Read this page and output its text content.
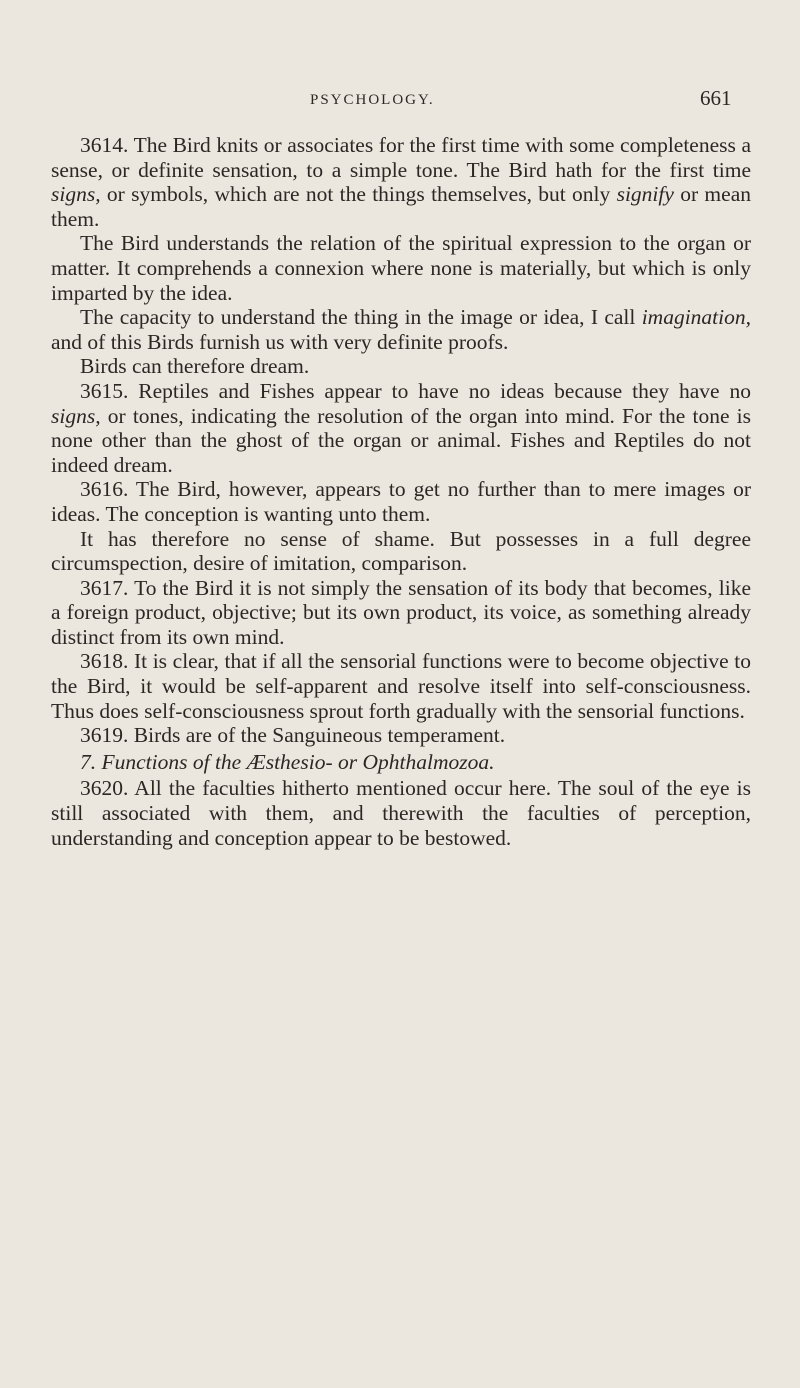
PSYCHOLOGY.	661

3614. The Bird knits or associates for the first time with some completeness a sense, or definite sensation, to a simple tone. The Bird hath for the first time signs, or symbols, which are not the things themselves, but only signify or mean them.

The Bird understands the relation of the spiritual expression to the organ or matter. It comprehends a connexion where none is materially, but which is only imparted by the idea.

The capacity to understand the thing in the image or idea, I call imagination, and of this Birds furnish us with very definite proofs.

Birds can therefore dream.

3615. Reptiles and Fishes appear to have no ideas because they have no signs, or tones, indicating the resolution of the organ into mind. For the tone is none other than the ghost of the organ or animal. Fishes and Reptiles do not indeed dream.

3616. The Bird, however, appears to get no further than to mere images or ideas. The conception is wanting unto them.

It has therefore no sense of shame. But possesses in a full degree circumspection, desire of imitation, comparison.

3617. To the Bird it is not simply the sensation of its body that becomes, like a foreign product, objective; but its own product, its voice, as something already distinct from its own mind.

3618. It is clear, that if all the sensorial functions were to become objective to the Bird, it would be self-apparent and resolve itself into self-consciousness. Thus does self-consciousness sprout forth gradually with the sensorial functions.

3619. Birds are of the Sanguineous temperament.

7. Functions of the Æsthesio- or Ophthalmozoa.

3620. All the faculties hitherto mentioned occur here. The soul of the eye is still associated with them, and therewith the faculties of perception, understanding and conception appear to be bestowed.
